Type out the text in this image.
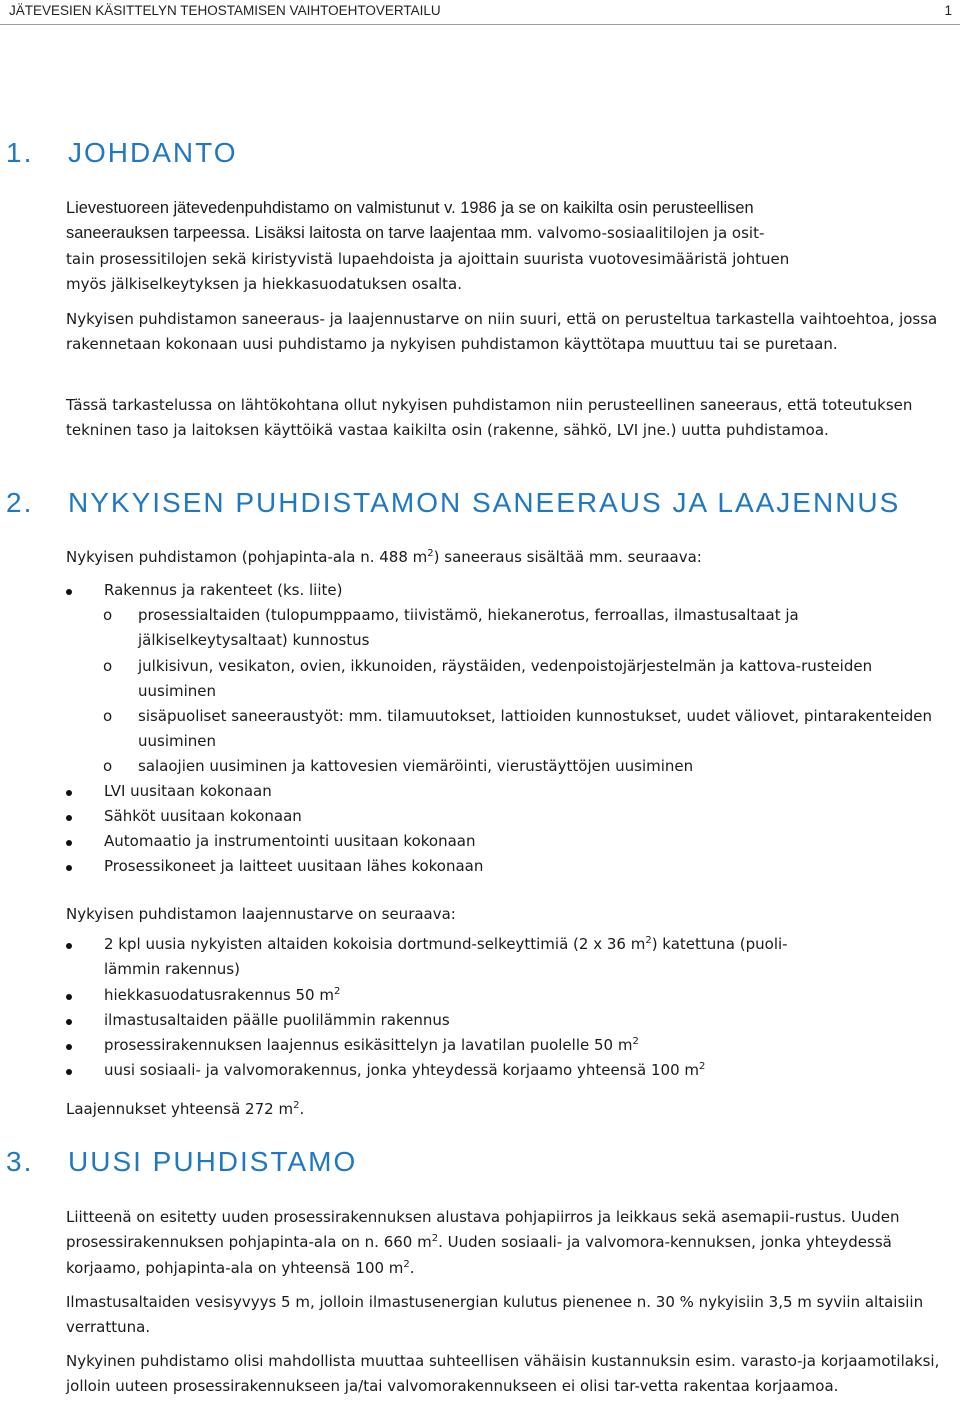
JÄTEVESIEN KÄSITTELYN TEHOSTAMISEN VAIHTOEHTOVERTAILU	1
1. JOHDANTO
Lievestuoreen jätevedenpuhdistamo on valmistunut v. 1986 ja se on kaikilta osin perusteellisen
saneerauksen tarpeessa. Lisäksi laitosta on tarve laajentaa mm. valvomo-sosiaalitilojen ja osit-
tain prosessitilojen sekä kiristyvistä lupaehdoista ja ajoittain suurista vuotovesimääristä johtuen
myös jälkiselkeytyksen ja hiekkasuodatuksen osalta.
Nykyisen puhdistamon saneeraus- ja laajennustarve on niin suuri, että on perusteltua tarkastella vaihtoehtoa, jossa rakennetaan kokonaan uusi puhdistamo ja nykyisen puhdistamon käyttötapa muuttuu tai se puretaan.
Tässä tarkastelussa on lähtökohtana ollut nykyisen puhdistamon niin perusteellinen saneeraus, että toteutuksen tekninen taso ja laitoksen käyttöikä vastaa kaikilta osin (rakenne, sähkö, LVI jne.) uutta puhdistamoa.
2. NYKYISEN PUHDISTAMON SANEERAUS JA LAAJENNUS
Nykyisen puhdistamon (pohjapinta-ala n. 488 $m^2$) saneeraus sisältää mm. seuraava:
Rakennus ja rakenteet (ks. liite)
o	prosessialtaiden (tulopumppaamo, tiivistämö, hiekanerotus, ferroallas, ilmastusaltaat ja jälkiselkeytysaltaat) kunnostus
o	julkisivun, vesikaton, ovien, ikkunoiden, räystäiden, vedenpoistojärjestelmän ja kattova-rusteiden uusiminen
o	sisäpuoliset saneeraustyöt: mm. tilamuutokset, lattioiden kunnostukset, uudet väliovet, pintarakenteiden uusiminen
o	salaojien uusiminen ja kattovesien viemäröinti, vierustäyttöjen uusiminen
LVI uusitaan kokonaan
Sähköt uusitaan kokonaan
Automaatio ja instrumentointi uusitaan kokonaan
Prosessikoneet ja laitteet uusitaan lähes kokonaan
Nykyisen puhdistamon laajennustarve on seuraava:
2 kpl uusia nykyisten altaiden kokoisia dortmund-selkeyttimiä (2 x 36 $m^2$) katettuna (puoli-
lämmin rakennus)
hiekkasuodatusrakennus 50 $m^2$
ilmastusaltaiden päälle puolilämmin rakennus
prosessirakennuksen laajennus esikäsittelyn ja lavatilan puolelle 50 $m^2$
uusi sosiaali- ja valvomorakennus, jonka yhteydessä korjaamo yhteensä 100 $m^2$
Laajennukset yhteensä 272 $m^2$.
3. UUSI PUHDISTAMO
Liitteenä on esitetty uuden prosessirakennuksen alustava pohjapiirros ja leikkaus sekä asemapii-rustus. Uuden prosessirakennuksen pohjapinta-ala on n. 660 $m^2$. Uuden sosiaali- ja valvomora-kennuksen, jonka yhteydessä korjaamo, pohjapinta-ala on yhteensä 100 $m^2$.
Ilmastusaltaiden vesisyvyys 5 m, jolloin ilmastusenergian kulutus pienenee n. 30 % nykyisiin 3,5 m syviin altaisiin verrattuna.
Nykyinen puhdistamo olisi mahdollista muuttaa suhteellisen vähäisin kustannuksin esim. varasto-ja korjaamotilaksi, jolloin uuteen prosessirakennukseen ja/tai valvomorakennukseen ei olisi tar-vetta rakentaa korjaamoa.
